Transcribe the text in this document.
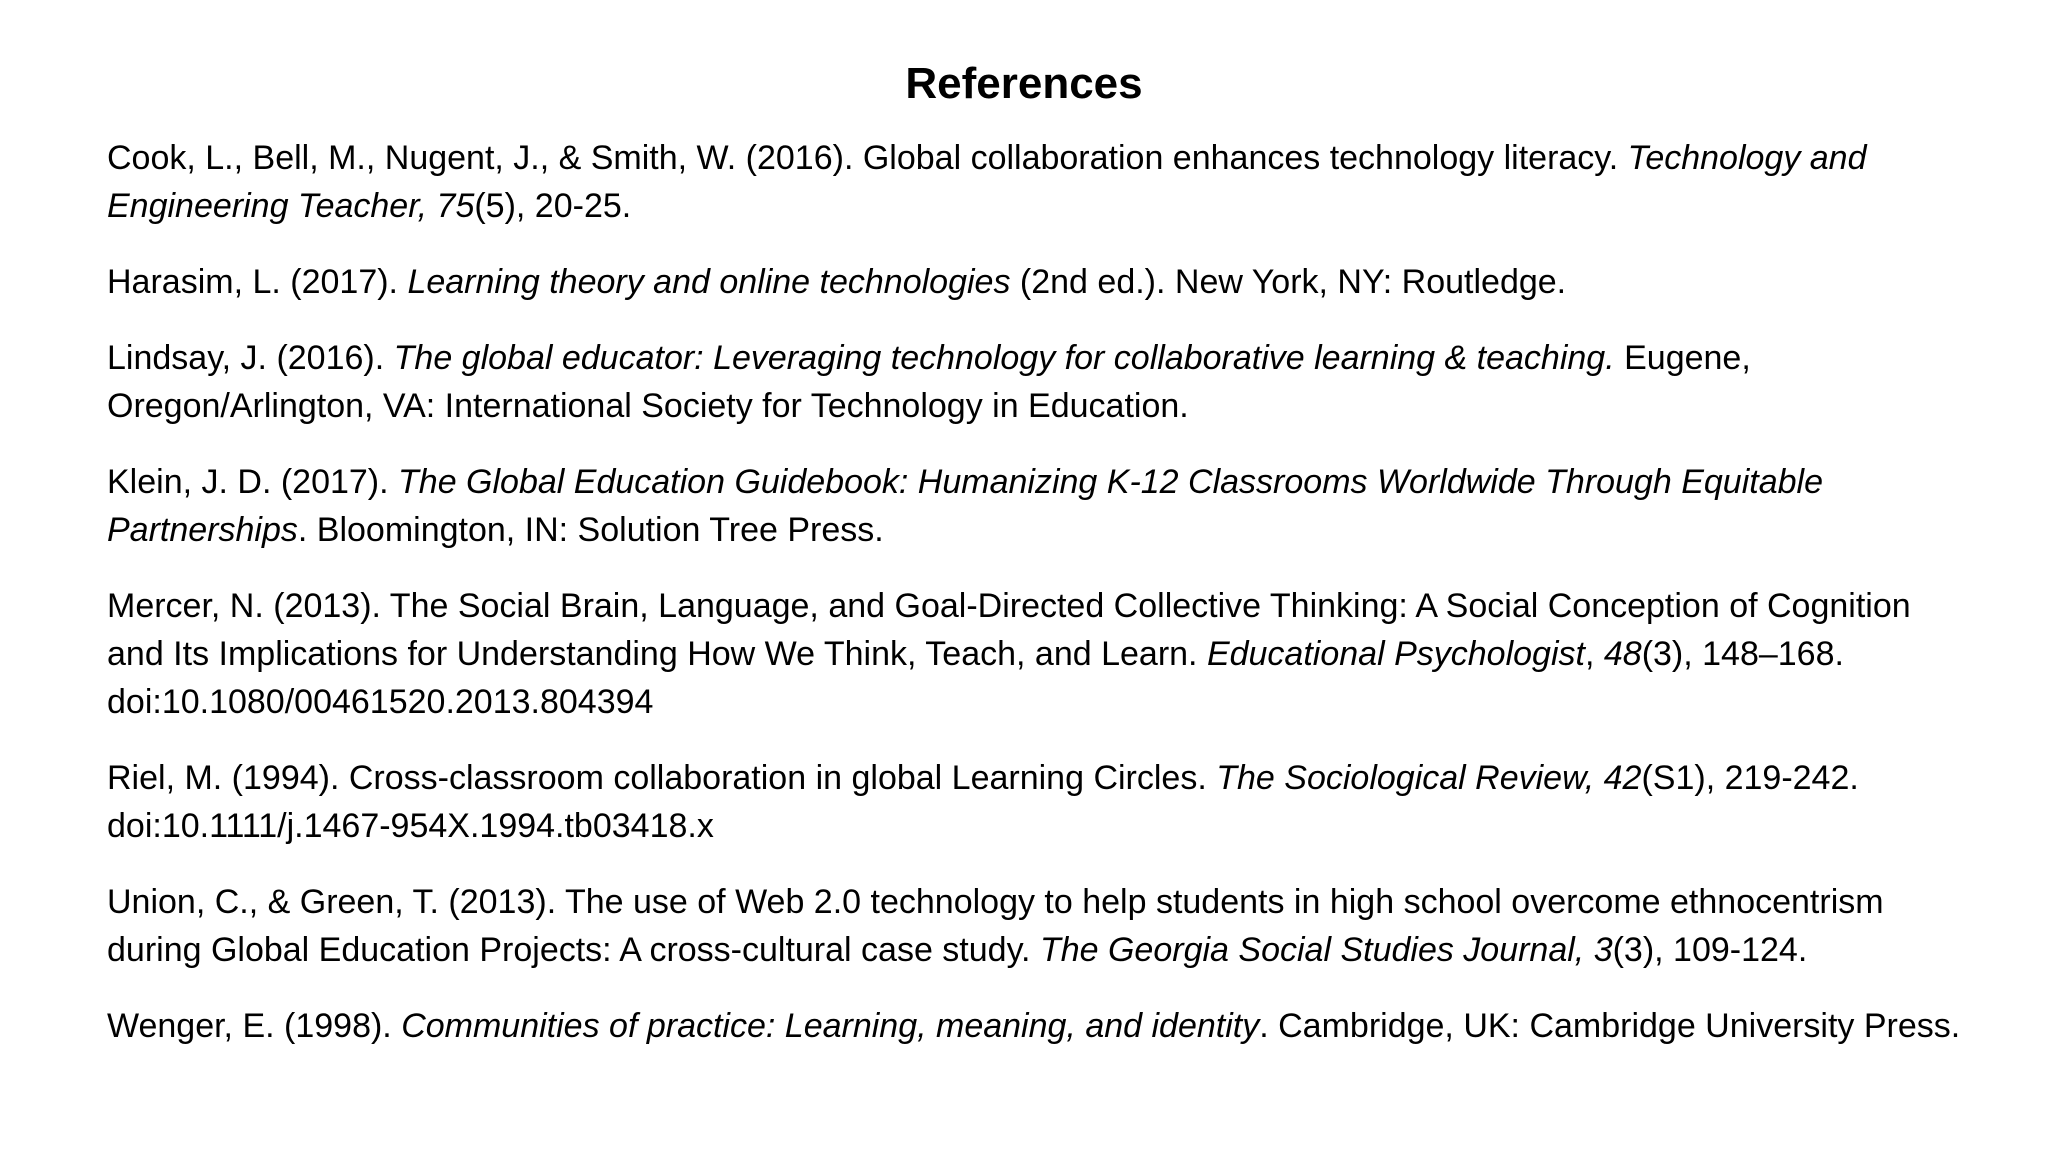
References
Cook, L., Bell, M., Nugent, J., & Smith, W. (2016). Global collaboration enhances technology literacy. Technology and Engineering Teacher, 75(5), 20-25.
Harasim, L. (2017). Learning theory and online technologies (2nd ed.). New York, NY: Routledge.
Lindsay, J. (2016). The global educator: Leveraging technology for collaborative learning & teaching. Eugene, Oregon/Arlington, VA: International Society for Technology in Education.
Klein, J. D. (2017). The Global Education Guidebook: Humanizing K-12 Classrooms Worldwide Through Equitable Partnerships. Bloomington, IN: Solution Tree Press.
Mercer, N. (2013). The Social Brain, Language, and Goal-Directed Collective Thinking: A Social Conception of Cognition and Its Implications for Understanding How We Think, Teach, and Learn. Educational Psychologist, 48(3), 148–168. doi:10.1080/00461520.2013.804394
Riel, M. (1994). Cross-classroom collaboration in global Learning Circles. The Sociological Review, 42(S1), 219-242. doi:10.1111/j.1467-954X.1994.tb03418.x
Union, C., & Green, T. (2013). The use of Web 2.0 technology to help students in high school overcome ethnocentrism during Global Education Projects: A cross-cultural case study. The Georgia Social Studies Journal, 3(3), 109-124.
Wenger, E. (1998). Communities of practice: Learning, meaning, and identity. Cambridge, UK: Cambridge University Press.
